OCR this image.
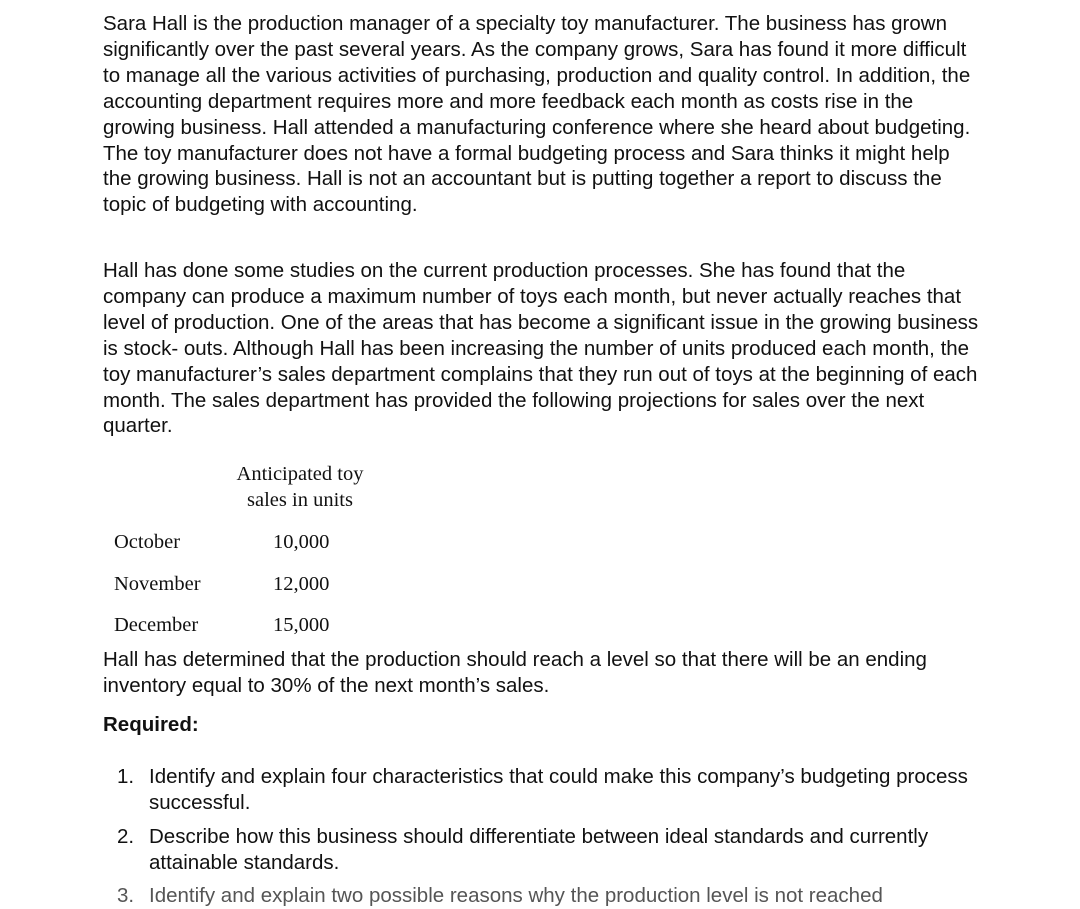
Sara Hall is the production manager of a specialty toy manufacturer. The business has grown significantly over the past several years. As the company grows, Sara has found it more difficult to manage all the various activities of purchasing, production and quality control. In addition, the accounting department requires more and more feedback each month as costs rise in the growing business. Hall attended a manufacturing conference where she heard about budgeting. The toy manufacturer does not have a formal budgeting process and Sara thinks it might help the growing business. Hall is not an accountant but is putting together a report to discuss the topic of budgeting with accounting.

Hall has done some studies on the current production processes. She has found that the company can produce a maximum number of toys each month, but never actually reaches that level of production. One of the areas that has become a significant issue in the growing business is stock- outs. Although Hall has been increasing the number of units produced each month, the toy manufacturer’s sales department complains that they run out of toys at the beginning of each month. The sales department has provided the following projections for sales over the next quarter.

Anticipated toy
sales in units
October	10,000
November	12,000
December	15,000

Hall has determined that the production should reach a level so that there will be an ending inventory equal to 30% of the next month’s sales.

Required:
1. Identify and explain four characteristics that could make this company’s budgeting process successful.
2. Describe how this business should differentiate between ideal standards and currently attainable standards.
3. Identify and explain two possible reasons why the production level is not reached
